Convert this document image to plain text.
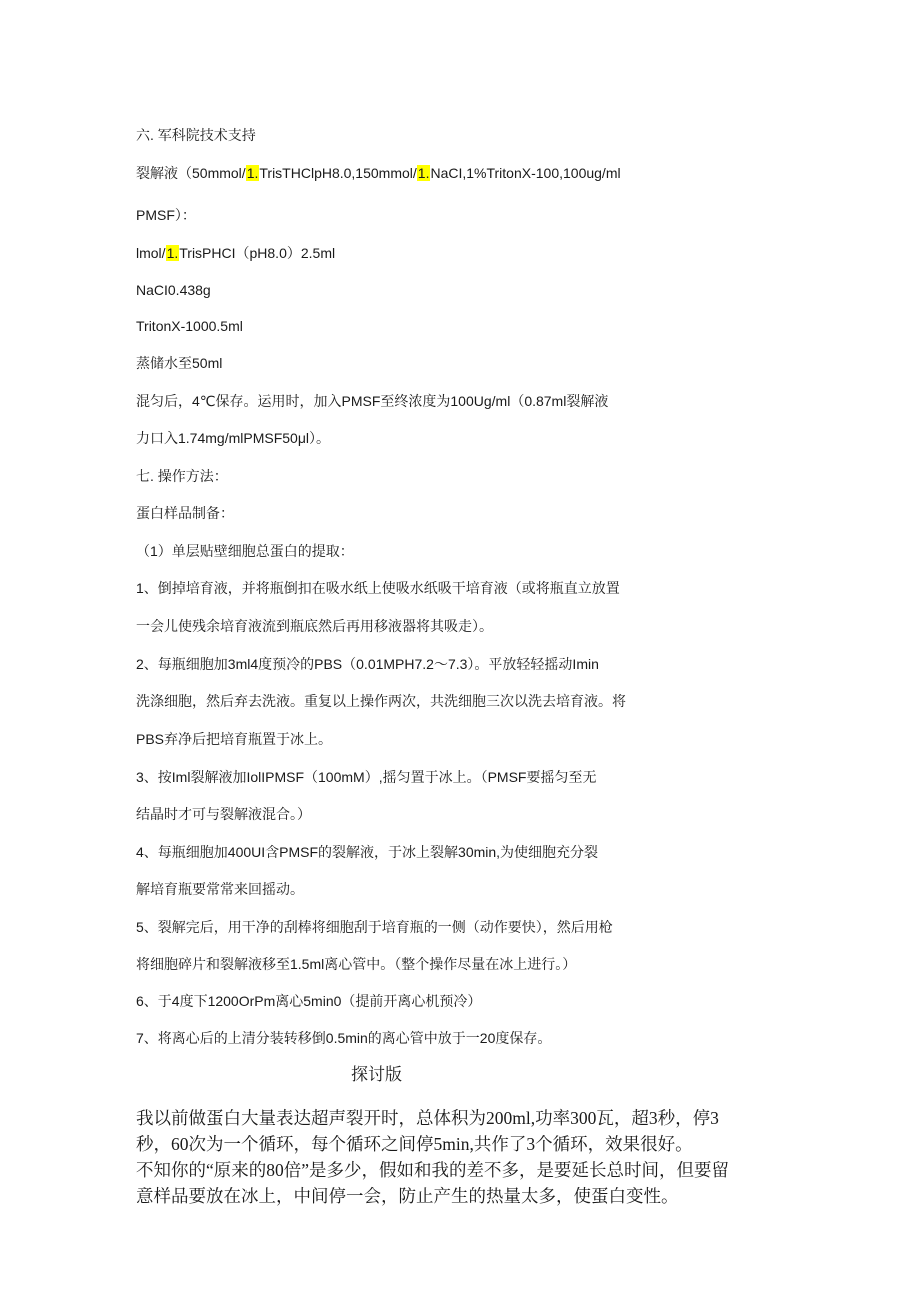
六. 军科院技术支持
裂解液（50mmol/1.TrisTHClpH8.0,150mmol/1.NaCI,1%TritonX-100,100ug/ml
PMSF）：
lmol/1.TrisPHCI（pH8.0）2.5ml
NaCI0.438g
TritonX-1000.5ml
蒸储水至50ml
混匀后，4℃保存。运用时，加入PMSF至终浓度为100Ug/ml（0.87ml裂解液
力口入1.74mg/mlPMSF50μl）。
七. 操作方法：
蛋白样品制备：
（1）单层贴壁细胞总蛋白的提取：
1、倒掉培育液，并将瓶倒扣在吸水纸上使吸水纸吸干培育液（或将瓶直立放置
一会儿使残余培育液流到瓶底然后再用移液器将其吸走）。
2、每瓶细胞加3ml4度预冷的PBS（0.01MPH7.2～7.3）。平放轻轻摇动Imin
洗涤细胞，然后弃去洗液。重复以上操作两次，共洗细胞三次以洗去培育液。将
PBS弃净后把培育瓶置于冰上。
3、按Iml裂解液加IolIPMSF（100mM）,摇匀置于冰上。（PMSF要摇匀至无
结晶时才可与裂解液混合。）
4、每瓶细胞加400UI含PMSF的裂解液，于冰上裂解30min,为使细胞充分裂
解培育瓶要常常来回摇动。
5、裂解完后，用干净的刮棒将细胞刮于培育瓶的一侧（动作要快），然后用枪
将细胞碎片和裂解液移至1.5ml离心管中。（整个操作尽量在冰上进行。）
6、于4度下1200OrPm离心5min0（提前开离心机预冷）
7、将离心后的上清分装转移倒0.5min的离心管中放于一20度保存。
探讨版
我以前做蛋白大量表达超声裂开时，总体积为200ml,功率300瓦，超3秒，停3
秒，60次为一个循环，每个循环之间停5min,共作了3个循环，效果很好。
不知你的“原来的80倍”是多少，假如和我的差不多，是要延长总时间，但要留
意样品要放在冰上，中间停一会，防止产生的热量太多，使蛋白变性。
